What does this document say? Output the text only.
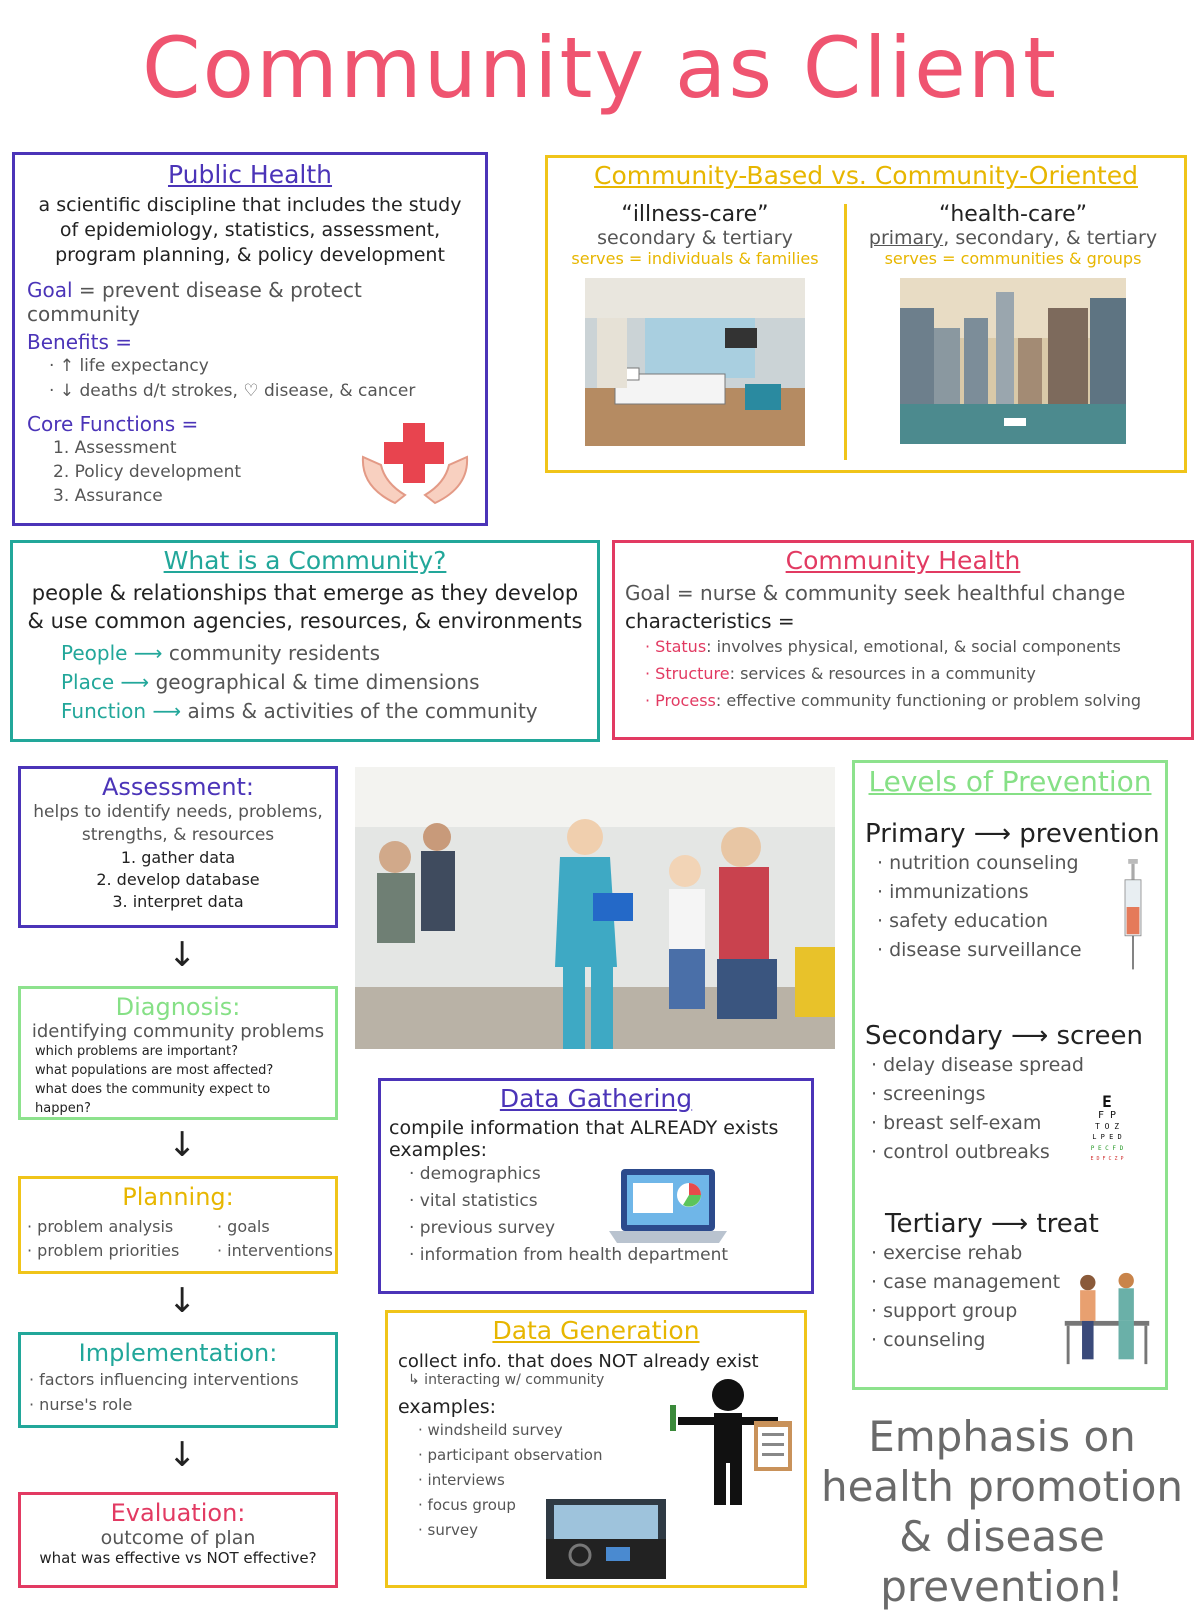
Community as Client

Public Health

a scientific discipline that includes the study of epidemiology, statistics, assessment, program planning, & policy development

Goal = prevent disease & protect community

Benefits =

· ↑ life expectancy
· ↓ deaths d/t strokes, ♡ disease, & cancer

Core Functions =

1. Assessment
2. Policy development
3. Assurance

Community-Based vs. Community-Oriented

“illness-care”

secondary & tertiary

serves = individuals & families

“health-care”

primary, secondary, & tertiary

serves = communities & groups

What is a Community?

people & relationships that emerge as they develop & use common agencies, resources, & environments

People ⟶ community residents
Place ⟶ geographical & time dimensions
Function ⟶ aims & activities of the community

Community Health

Goal = nurse & community seek healthful change

characteristics =

· Status: involves physical, emotional, & social components
· Structure: services & resources in a community
· Process: effective community functioning or problem solving

Assessment:

helps to identify needs, problems, strengths, & resources

1. gather data
2. develop database
3. interpret data
↓

Diagnosis:

identifying community problems

which problems are important?
what populations are most affected?
what does the community expect to happen?
↓

Planning:

· problem analysis
· problem priorities
· goals
· interventions
↓

Implementation:

· factors influencing interventions
· nurse's role
↓

Evaluation:

outcome of plan

what was effective vs NOT effective?

Data Gathering

compile information that ALREADY exists

examples:

· demographics
· vital statistics
· previous survey
· information from health department

Data Generation

collect info. that does NOT already exist

↳ interacting w/ community

examples:

· windsheild survey
· participant observation
· interviews
· focus group
· survey

Levels of Prevention

Primary ⟶ prevention
· nutrition counseling
· immunizations
· safety education
· disease surveillance
Secondary ⟶ screen
· delay disease spread
· screenings
· breast self-exam
· control outbreaks
E
F P
T O Z
L P E D
P E C F D
E D F C Z P
Tertiary ⟶ treat
· exercise rehab
· case management
· support group
· counseling
Emphasis on health promotion & disease prevention!
